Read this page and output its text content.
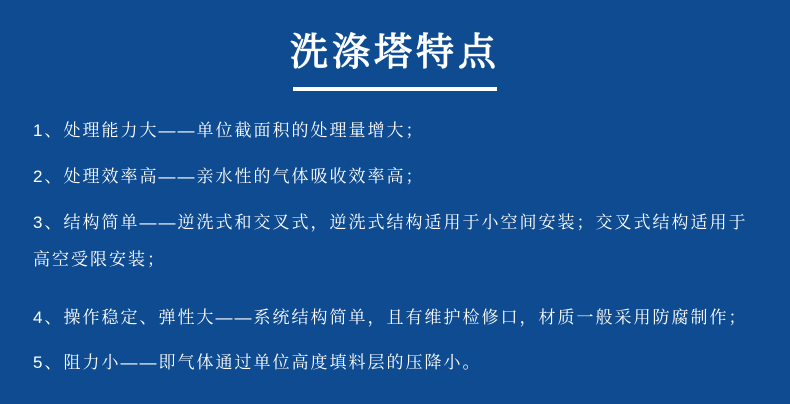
洗涤塔特点

1、处理能力大——单位截面积的处理量增大；

2、处理效率高——亲水性的气体吸收效率高；

3、结构简单——逆洗式和交叉式，逆洗式结构适用于小空间安装；交叉式结构适用于

高空受限安装；

4、操作稳定、弹性大——系统结构简单，且有维护检修口，材质一般采用防腐制作；

5、阻力小——即气体通过单位高度填料层的压降小。
